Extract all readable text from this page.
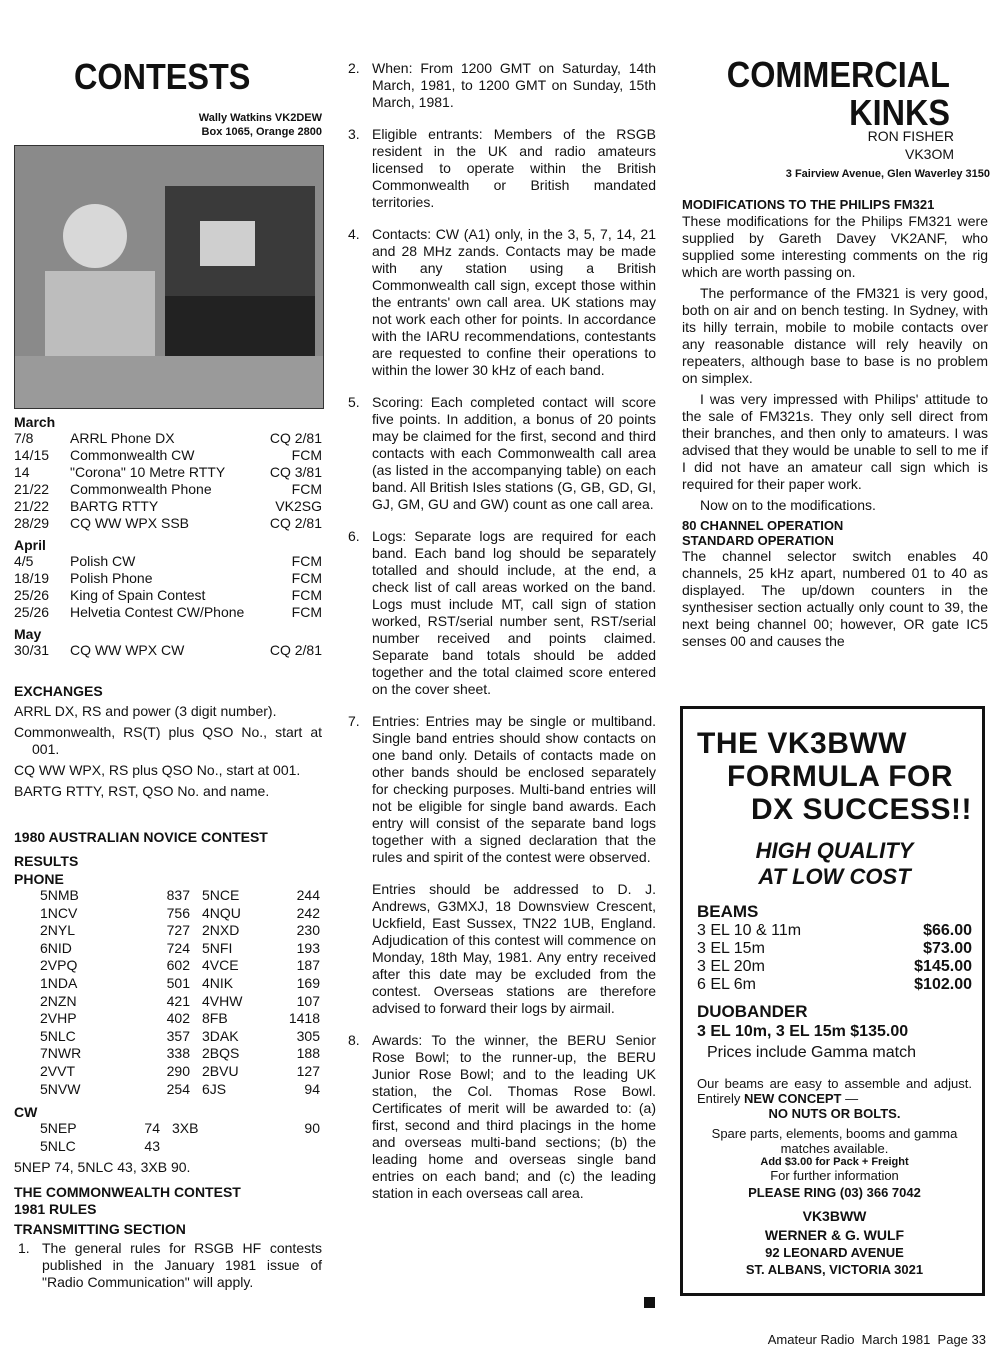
CONTESTS
Wally Watkins VK2DEW
Box 1065, Orange 2800

March

7/8	ARRL Phone DX	CQ 2/81
14/15	Commonwealth CW	FCM
14	"Corona" 10 Metre RTTY	CQ 3/81
21/22	Commonwealth Phone	FCM
21/22	BARTG RTTY	VK2SG
28/29	CQ WW WPX SSB	CQ 2/81

April

4/5	Polish CW	FCM
18/19	Polish Phone	FCM
25/26	King of Spain Contest	FCM
25/26	Helvetia Contest CW/Phone	FCM

May

30/31	CQ WW WPX CW	CQ 2/81

EXCHANGES

ARRL DX, RS and power (3 digit number).

Commonwealth, RS(T) plus QSO No., start at 001.

CQ WW WPX, RS plus QSO No., start at 001.

BARTG RTTY, RST, QSO No. and name.

1980 AUSTRALIAN NOVICE CONTEST

RESULTS

PHONE

5NMB	837	5NCE	244
1NCV	756	4NQU	242
2NYL	727	2NXD	230
6NID	724	5NFI	193
2VPQ	602	4VCE	187
1NDA	501	4NIK	169
2NZN	421	4VHW	107
2VHP	402	8FB	1418
5NLC	357	3DAK	305
7NWR	338	2BQS	188
2VVT	290	2BVU	127
5NVW	254	6JS	94

CW

5NEP	74	3XB	90
5NLC	43		

5NEP 74, 5NLC 43, 3XB 90.

THE COMMONWEALTH CONTEST

1981 RULES

TRANSMITTING SECTION

1. The general rules for RSGB HF contests published in the January 1981 issue of "Radio Communication" will apply.
2. When: From 1200 GMT on Saturday, 14th March, 1981, to 1200 GMT on Sunday, 15th March, 1981.
3. Eligible entrants: Members of the RSGB resident in the UK and radio amateurs licensed to operate within the British Commonwealth or British mandated territories.
4. Contacts: CW (A1) only, in the 3, 5, 7, 14, 21 and 28 MHz zands. Contacts may be made with any station using a British Commonwealth call sign, except those within the entrants' own call area. UK stations may not work each other for points. In accordance with the IARU recommendations, contestants are requested to confine their operations to within the lower 30 kHz of each band.
5. Scoring: Each completed contact will score five points. In addition, a bonus of 20 points may be claimed for the first, second and third contacts with each Commonwealth call area (as listed in the accompanying table) on each band. All British Isles stations (G, GB, GD, GI, GJ, GM, GU and GW) count as one call area.
6. Logs: Separate logs are required for each band. Each band log should be separately totalled and should include, at the end, a check list of call areas worked on the band. Logs must include MT, call sign of station worked, RST/serial number sent, RST/serial number received and points claimed. Separate band totals should be added together and the total claimed score entered on the cover sheet.
7. Entries: Entries may be single or multiband. Single band entries should show contacts on one band only. Details of contacts made on other bands should be enclosed separately for checking purposes. Multi-band entries will not be eligible for single band awards. Each entry will consist of the separate band logs together with a signed declaration that the rules and spirit of the contest were observed.
Entries should be addressed to D. J. Andrews, G3MXJ, 18 Downsview Crescent, Uckfield, East Sussex, TN22 1UB, England. Adjudication of this contest will commence on Monday, 18th May, 1981. Any entry received after this date may be excluded from the contest. Overseas stations are therefore advised to forward their logs by airmail.
8. Awards: To the winner, the BERU Senior Rose Bowl; to the runner-up, the BERU Junior Rose Bowl; and to the leading UK station, the Col. Thomas Rose Bowl. Certificates of merit will be awarded to: (a) first, second and third placings in the home and overseas multi-band sections; (b) the leading home and overseas single band entries on each band; and (c) the leading station in each overseas call area.
COMMERCIAL
KINKS
RON FISHER
VK3OM
3 Fairview Avenue, Glen Waverley 3150

MODIFICATIONS TO THE PHILIPS FM321

These modifications for the Philips FM321 were supplied by Gareth Davey VK2ANF, who supplied some interesting comments on the rig which are worth passing on.

The performance of the FM321 is very good, both on air and on bench testing. In Sydney, with its hilly terrain, mobile to mobile contacts over any reasonable distance will rely heavily on repeaters, although base to base is no problem on simplex.

I was very impressed with Philips' attitude to the sale of FM321s. They only sell direct from their branches, and then only to amateurs. I was advised that they would be unable to sell to me if I did not have an amateur call sign which is required for their paper work.

Now on to the modifications.

80 CHANNEL OPERATION

STANDARD OPERATION

The channel selector switch enables 40 channels, 25 kHz apart, numbered 01 to 40 as displayed. The up/down counters in the synthesiser section actually only count to 39, the next being channel 00; however, OR gate IC5 senses 00 and causes the

THE VK3BWW
FORMULA FOR
DX SUCCESS!!
HIGH QUALITY
AT LOW COST
BEAMS
3 EL 10 & 11m	$66.00
3 EL 15m	$73.00
3 EL 20m	$145.00
6 EL 6m	$102.00
DUOBANDER
3 EL 10m, 3 EL 15m $135.00
Prices include Gamma match
Our beams are easy to assemble and adjust. Entirely NEW CONCEPT —
NO NUTS OR BOLTS.
Spare parts, elements, booms and gamma matches available.
Add $3.00 for Pack + Freight
For further information
PLEASE RING (03) 366 7042
VK3BWW
WERNER & G. WULF
92 LEONARD AVENUE
ST. ALBANS, VICTORIA 3021
Amateur Radio  March 1981  Page 33
